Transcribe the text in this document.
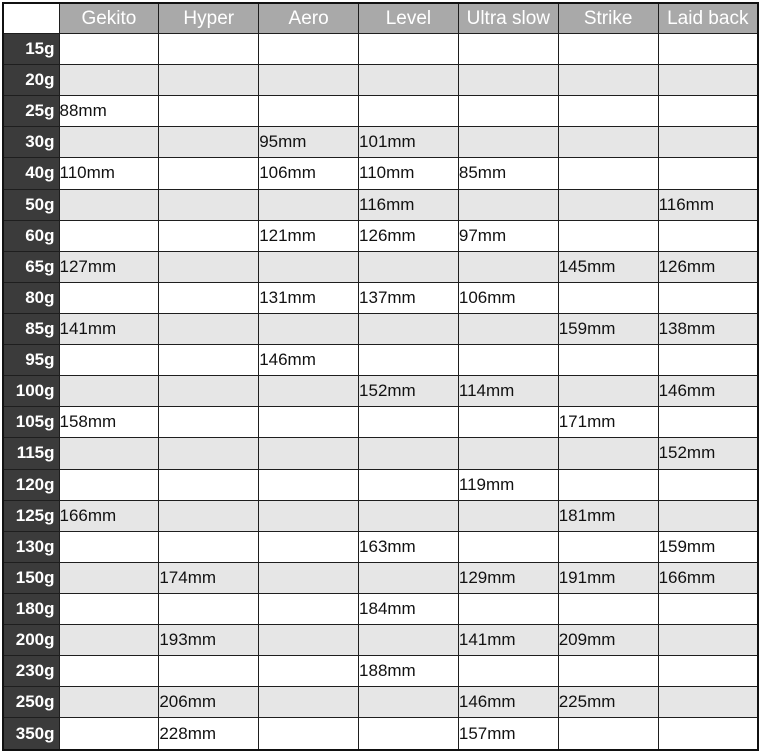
	Gekito	Hyper	Aero	Level	Ultra slow	Strike	Laid back
15g							
20g							
25g	88mm						
30g			95mm	101mm			
40g	110mm		106mm	110mm	85mm		
50g				116mm			116mm
60g			121mm	126mm	97mm		
65g	127mm					145mm	126mm
80g			131mm	137mm	106mm		
85g	141mm					159mm	138mm
95g			146mm				
100g				152mm	114mm		146mm
105g	158mm					171mm	
115g							152mm
120g					119mm		
125g	166mm					181mm	
130g				163mm			159mm
150g		174mm			129mm	191mm	166mm
180g				184mm			
200g		193mm			141mm	209mm	
230g				188mm			
250g		206mm			146mm	225mm	
350g		228mm			157mm		
